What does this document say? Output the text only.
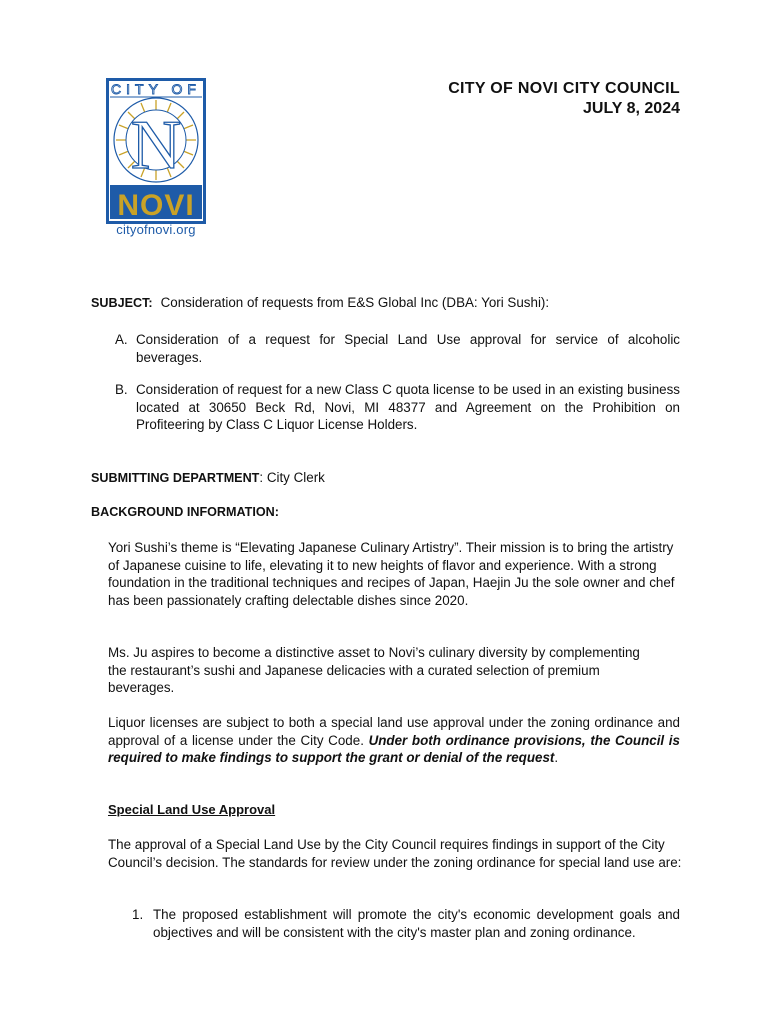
CITY OF
N
NOVI
cityofnovi.org
CITY OF NOVI CITY COUNCIL
JULY 8, 2024
SUBJECT: Consideration of requests from E&S Global Inc (DBA: Yori Sushi):
A. Consideration of a request for Special Land Use approval for service of alcoholic beverages.
B. Consideration of request for a new Class C quota license to be used in an existing business located at 30650 Beck Rd, Novi, MI 48377 and Agreement on the Prohibition on Profiteering by Class C Liquor License Holders.
SUBMITTING DEPARTMENT: City Clerk
BACKGROUND INFORMATION:
Yori Sushi’s theme is “Elevating Japanese Culinary Artistry”. Their mission is to bring the artistry of Japanese cuisine to life, elevating it to new heights of flavor and experience. With a strong foundation in the traditional techniques and recipes of Japan, Haejin Ju the sole owner and chef has been passionately crafting delectable dishes since 2020.
Ms. Ju aspires to become a distinctive asset to Novi’s culinary diversity by complementing the restaurant’s sushi and Japanese delicacies with a curated selection of premium beverages.
Liquor licenses are subject to both a special land use approval under the zoning ordinance and approval of a license under the City Code. Under both ordinance provisions, the Council is required to make findings to support the grant or denial of the request.
Special Land Use Approval
The approval of a Special Land Use by the City Council requires findings in support of the City Council’s decision. The standards for review under the zoning ordinance for special land use are:
1. The proposed establishment will promote the city's economic development goals and objectives and will be consistent with the city's master plan and zoning ordinance.
